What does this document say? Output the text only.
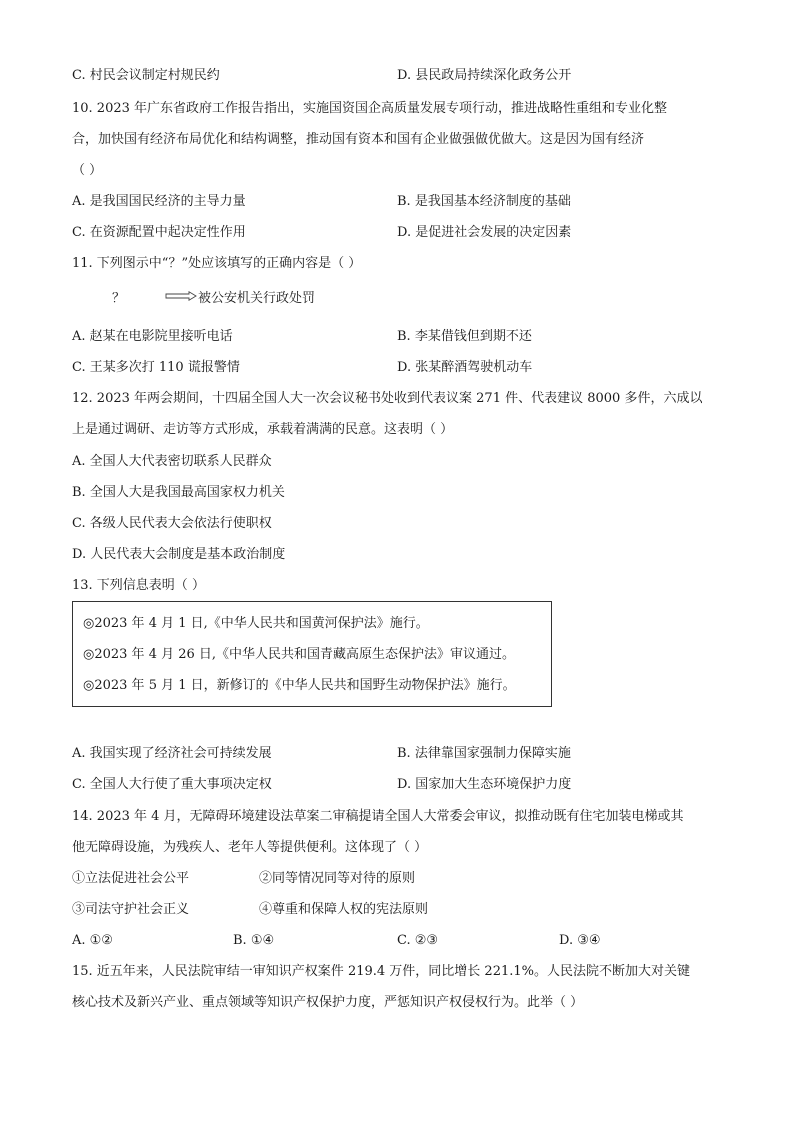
C. 村民会议制定村规民约	D. 县民政局持续深化政务公开
10. 2023 年广东省政府工作报告指出，实施国资国企高质量发展专项行动，推进战略性重组和专业化整
合，加快国有经济布局优化和结构调整，推动国有资本和国有企业做强做优做大。这是因为国有经济
（ ）
A. 是我国国民经济的主导力量	B. 是我国基本经济制度的基础
C. 在资源配置中起决定性作用	D. 是促进社会发展的决定因素
11. 下列图示中“？”处应该填写的正确内容是（ ）
？	被公安机关行政处罚
A. 赵某在电影院里接听电话	B. 李某借钱但到期不还
C. 王某多次打 110 谎报警情	D. 张某醉酒驾驶机动车
12. 2023 年两会期间，十四届全国人大一次会议秘书处收到代表议案 271 件、代表建议 8000 多件，六成以
上是通过调研、走访等方式形成，承载着满满的民意。这表明（ ）
A. 全国人大代表密切联系人民群众
B. 全国人大是我国最高国家权力机关
C. 各级人民代表大会依法行使职权
D. 人民代表大会制度是基本政治制度
13. 下列信息表明（ ）
◎2023 年 4 月 1 日,《中华人民共和国黄河保护法》施行。
◎2023 年 4 月 26 日,《中华人民共和国青藏高原生态保护法》审议通过。
◎2023 年 5 月 1 日，新修订的《中华人民共和国野生动物保护法》施行。
A. 我国实现了经济社会可持续发展	B. 法律靠国家强制力保障实施
C. 全国人大行使了重大事项决定权	D. 国家加大生态环境保护力度
14. 2023 年 4 月，无障碍环境建设法草案二审稿提请全国人大常委会审议，拟推动既有住宅加装电梯或其
他无障碍设施，为残疾人、老年人等提供便利。这体现了（ ）
①立法促进社会公平	②同等情况同等对待的原则
③司法守护社会正义	④尊重和保障人权的宪法原则
A. ①②	B. ①④	C. ②③	D. ③④
15. 近五年来，人民法院审结一审知识产权案件 219.4 万件，同比增长 221.1%。人民法院不断加大对关键
核心技术及新兴产业、重点领域等知识产权保护力度，严惩知识产权侵权行为。此举（ ）
